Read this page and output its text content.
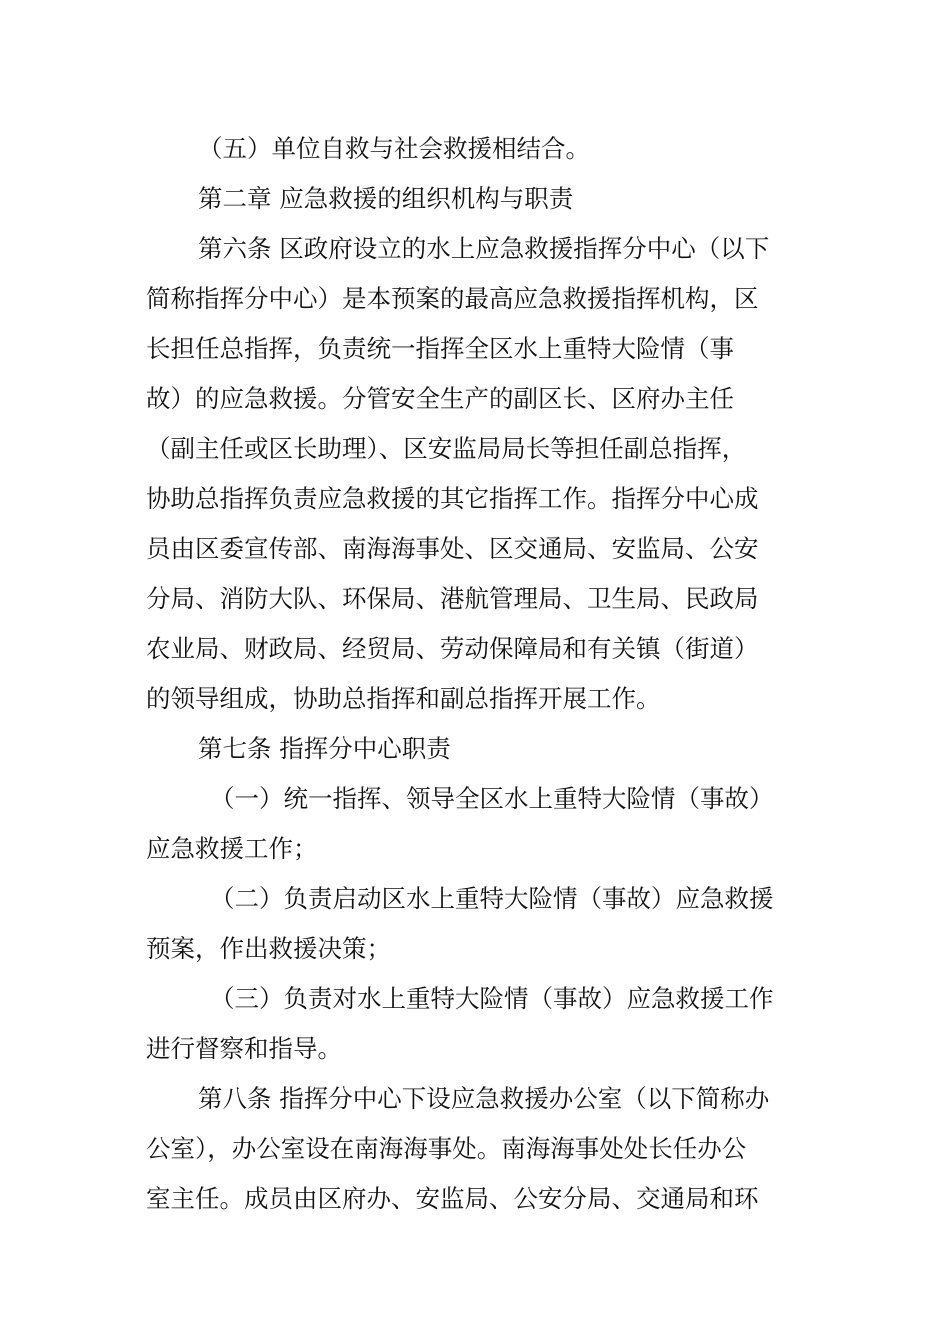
（五）单位自救与社会救援相结合。
第二章 应急救援的组织机构与职责
第六条 区政府设立的水上应急救援指挥分中心（以下
简称指挥分中心）是本预案的最高应急救援指挥机构，区
长担任总指挥，负责统一指挥全区水上重特大险情（事
故）的应急救援。分管安全生产的副区长、区府办主任
（副主任或区长助理）、区安监局局长等担任副总指挥，
协助总指挥负责应急救援的其它指挥工作。指挥分中心成
员由区委宣传部、南海海事处、区交通局、安监局、公安
分局、消防大队、环保局、港航管理局、卫生局、民政局
农业局、财政局、经贸局、劳动保障局和有关镇（街道）
的领导组成，协助总指挥和副总指挥开展工作。
第七条 指挥分中心职责
（一）统一指挥、领导全区水上重特大险情（事故）
应急救援工作；
（二）负责启动区水上重特大险情（事故）应急救援
预案，作出救援决策；
（三）负责对水上重特大险情（事故）应急救援工作
进行督察和指导。
第八条 指挥分中心下设应急救援办公室（以下简称办
公室），办公室设在南海海事处。南海海事处处长任办公
室主任。成员由区府办、安监局、公安分局、交通局和环
